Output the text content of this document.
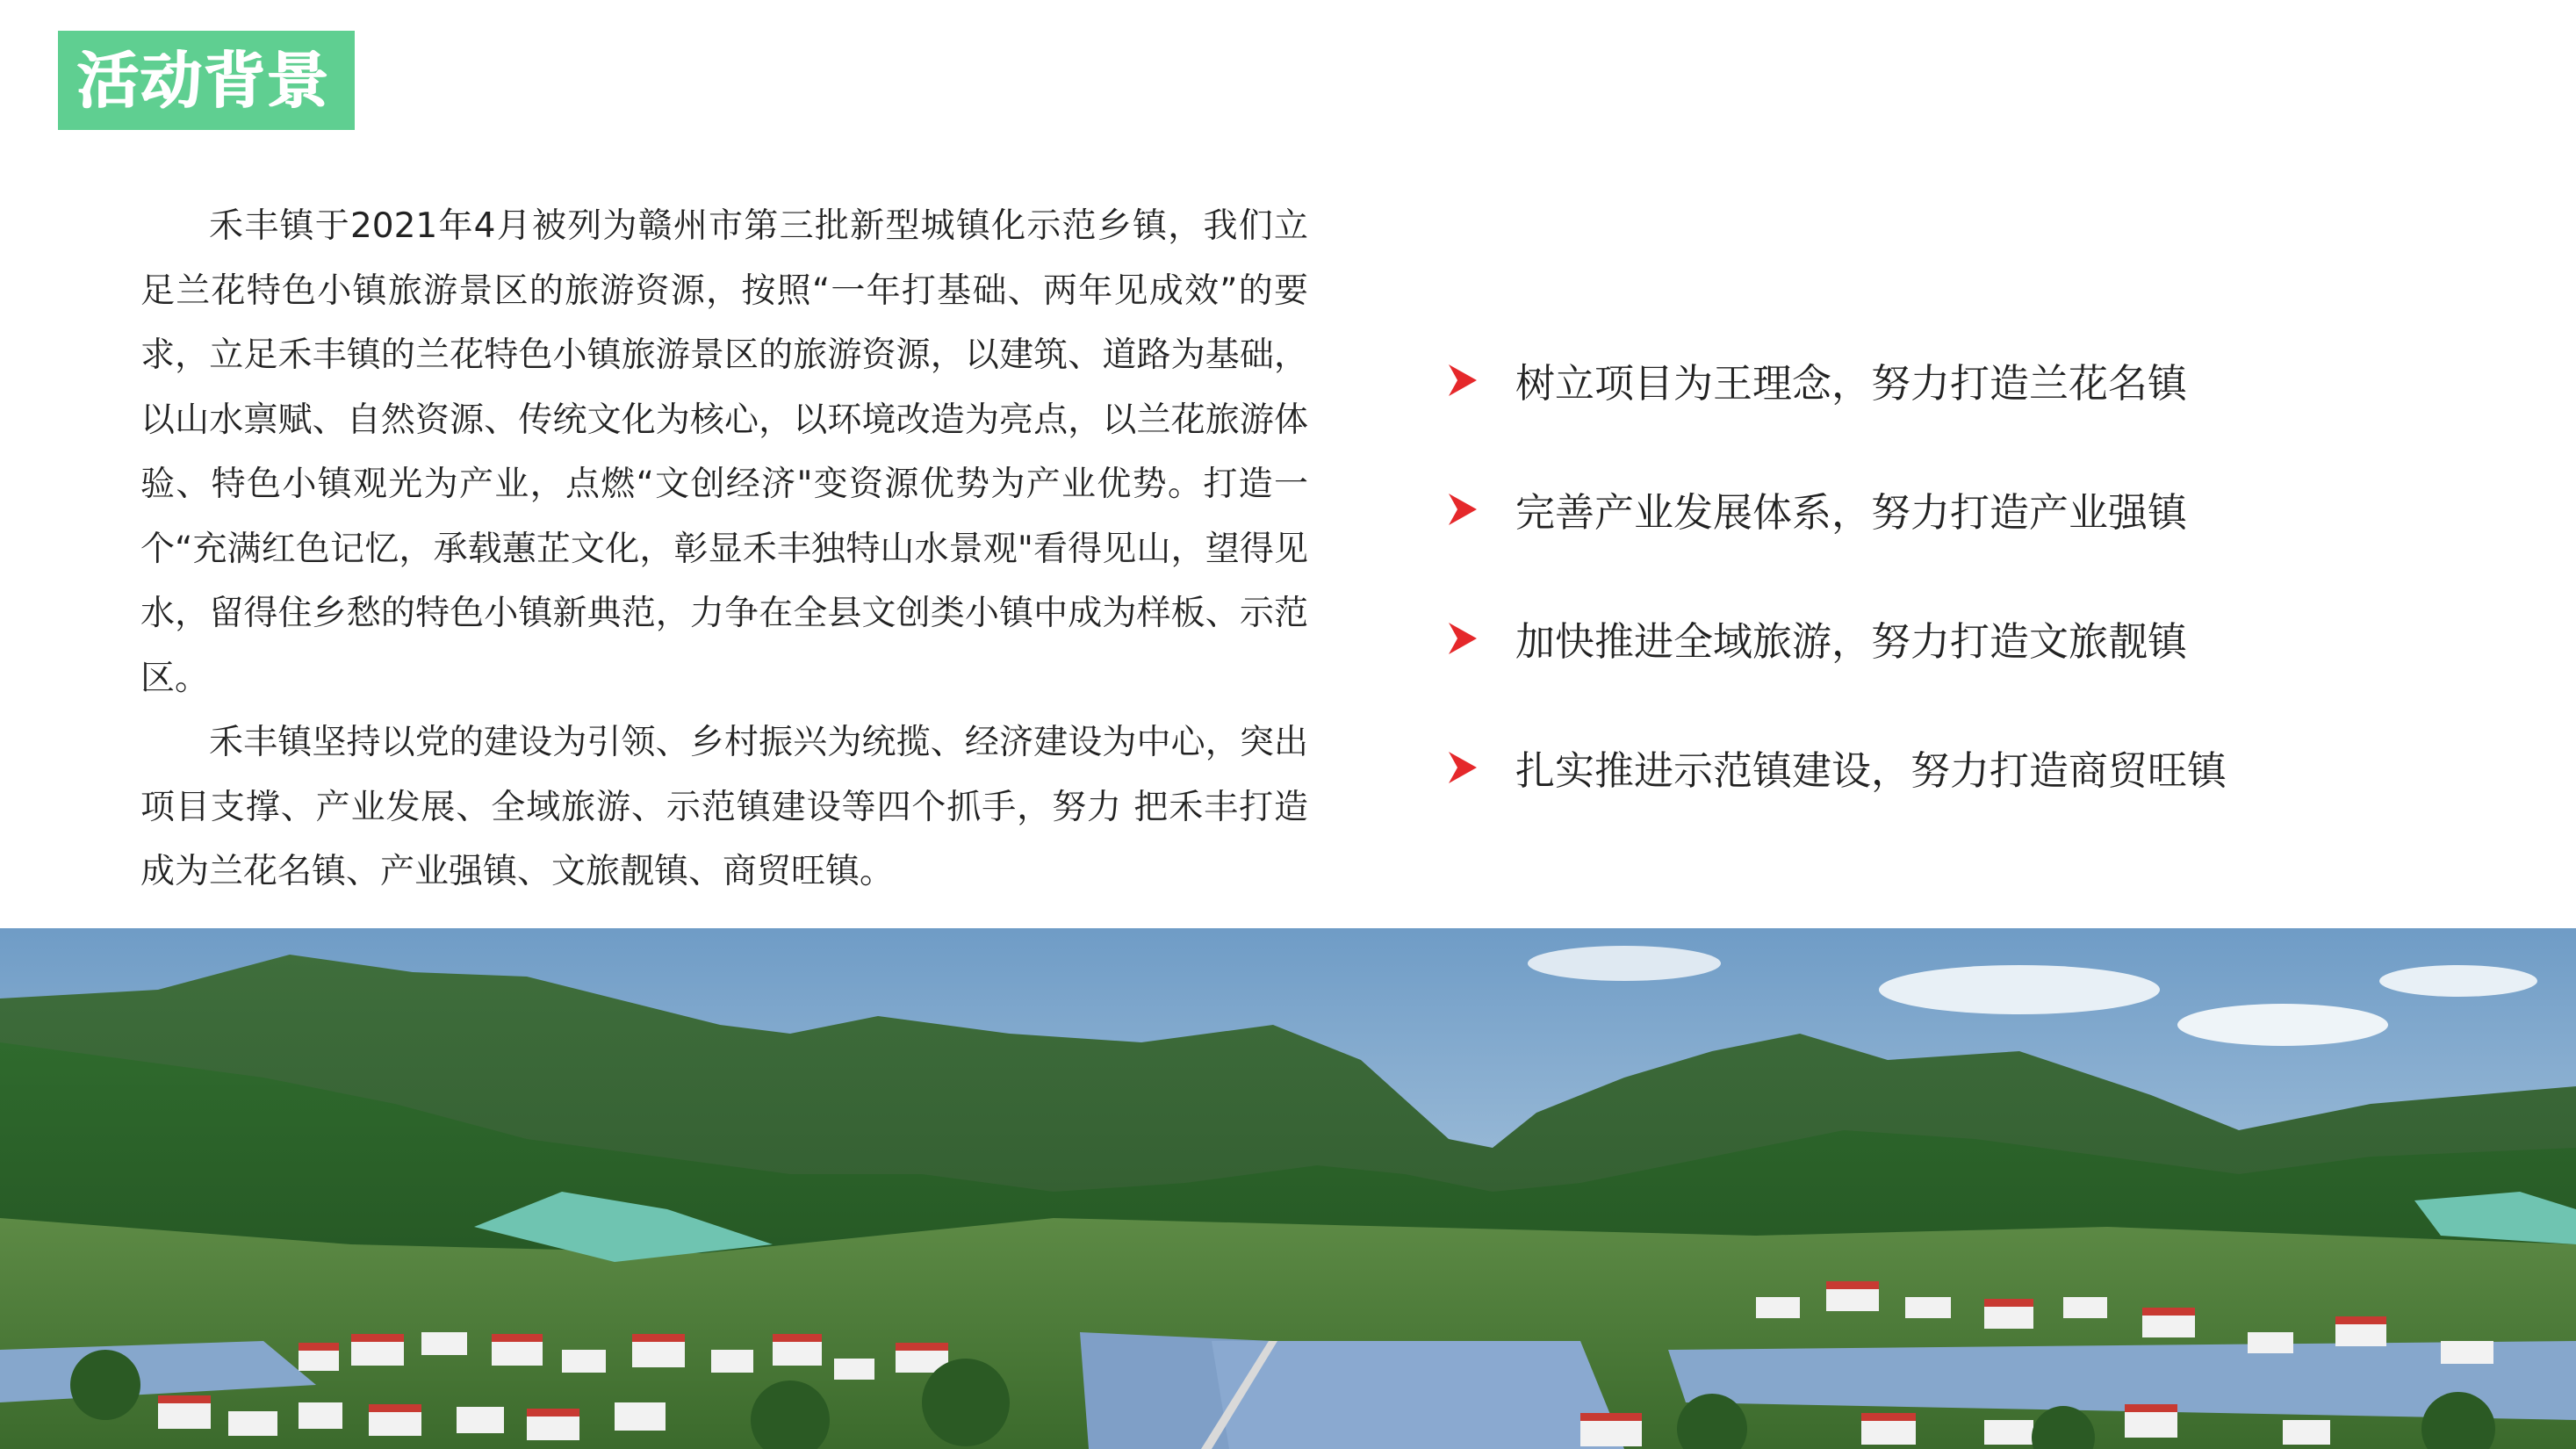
活动背景

禾丰镇于2021年4月被列为赣州市第三批新型城镇化示范乡镇，我们立足兰花特色小镇旅游景区的旅游资源，按照“一年打基础、两年见成效”的要求，立足禾丰镇的兰花特色小镇旅游景区的旅游资源，以建筑、道路为基础，以山水禀赋、自然资源、传统文化为核心，以环境改造为亮点，以兰花旅游体验、特色小镇观光为产业，点燃“文创经济"变资源优势为产业优势。打造一个“充满红色记忆，承载蕙芷文化，彰显禾丰独特山水景观"看得见山，望得见水，留得住乡愁的特色小镇新典范，力争在全县文创类小镇中成为样板、示范区。

禾丰镇坚持以党的建设为引领、乡村振兴为统揽、经济建设为中心，突出项目支撑、产业发展、全域旅游、示范镇建设等四个抓手，努力 把禾丰打造成为兰花名镇、产业强镇、文旅靓镇、商贸旺镇。

树立项目为王理念，努力打造兰花名镇
完善产业发展体系，努力打造产业强镇
加快推进全域旅游，努力打造文旅靓镇
扎实推进示范镇建设，努力打造商贸旺镇
